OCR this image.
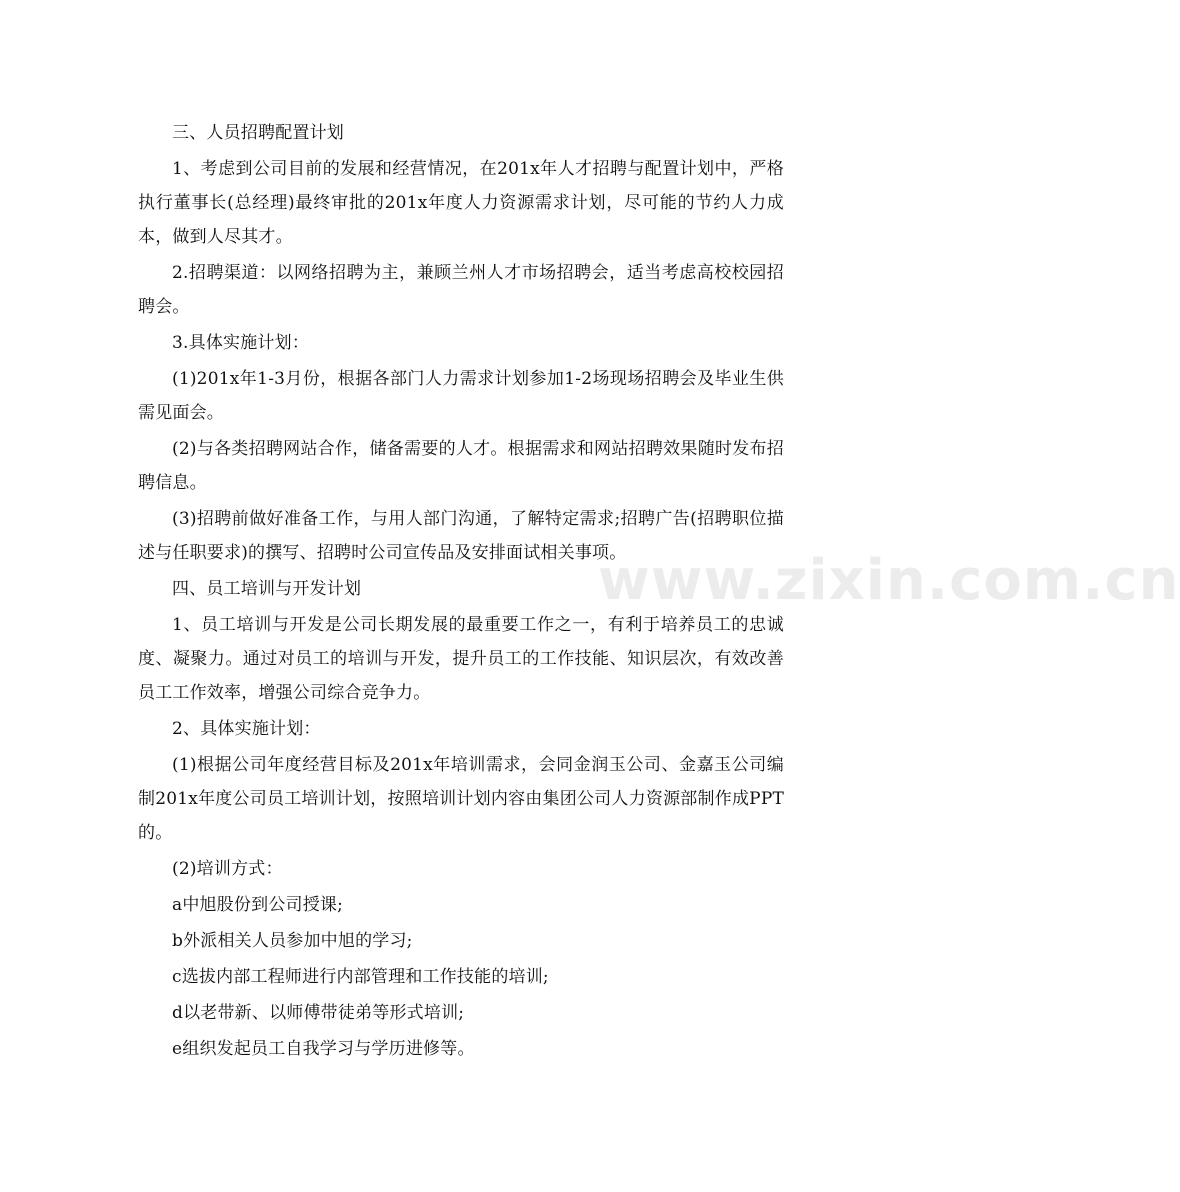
三、人员招聘配置计划

1、考虑到公司目前的发展和经营情况，在201x年人才招聘与配置计划中，严格执行董事长(总经理)最终审批的201x年度人力资源需求计划，尽可能的节约人力成本，做到人尽其才。

2.招聘渠道：以网络招聘为主，兼顾兰州人才市场招聘会，适当考虑高校校园招聘会。

3.具体实施计划：

(1)201x年1-3月份，根据各部门人力需求计划参加1-2场现场招聘会及毕业生供需见面会。

(2)与各类招聘网站合作，储备需要的人才。根据需求和网站招聘效果随时发布招聘信息。

(3)招聘前做好准备工作，与用人部门沟通，了解特定需求;招聘广告(招聘职位描述与任职要求)的撰写、招聘时公司宣传品及安排面试相关事项。

四、员工培训与开发计划

1、员工培训与开发是公司长期发展的最重要工作之一，有利于培养员工的忠诚度、凝聚力。通过对员工的培训与开发，提升员工的工作技能、知识层次，有效改善员工工作效率，增强公司综合竞争力。

2、具体实施计划：

(1)根据公司年度经营目标及201x年培训需求，会同金润玉公司、金嘉玉公司编制201x年度公司员工培训计划，按照培训计划内容由集团公司人力资源部制作成PPT的。

(2)培训方式：

a中旭股份到公司授课;

b外派相关人员参加中旭的学习;

c选拔内部工程师进行内部管理和工作技能的培训;

d以老带新、以师傅带徒弟等形式培训;

e组织发起员工自我学习与学历进修等。

www.zixin.com.cn
